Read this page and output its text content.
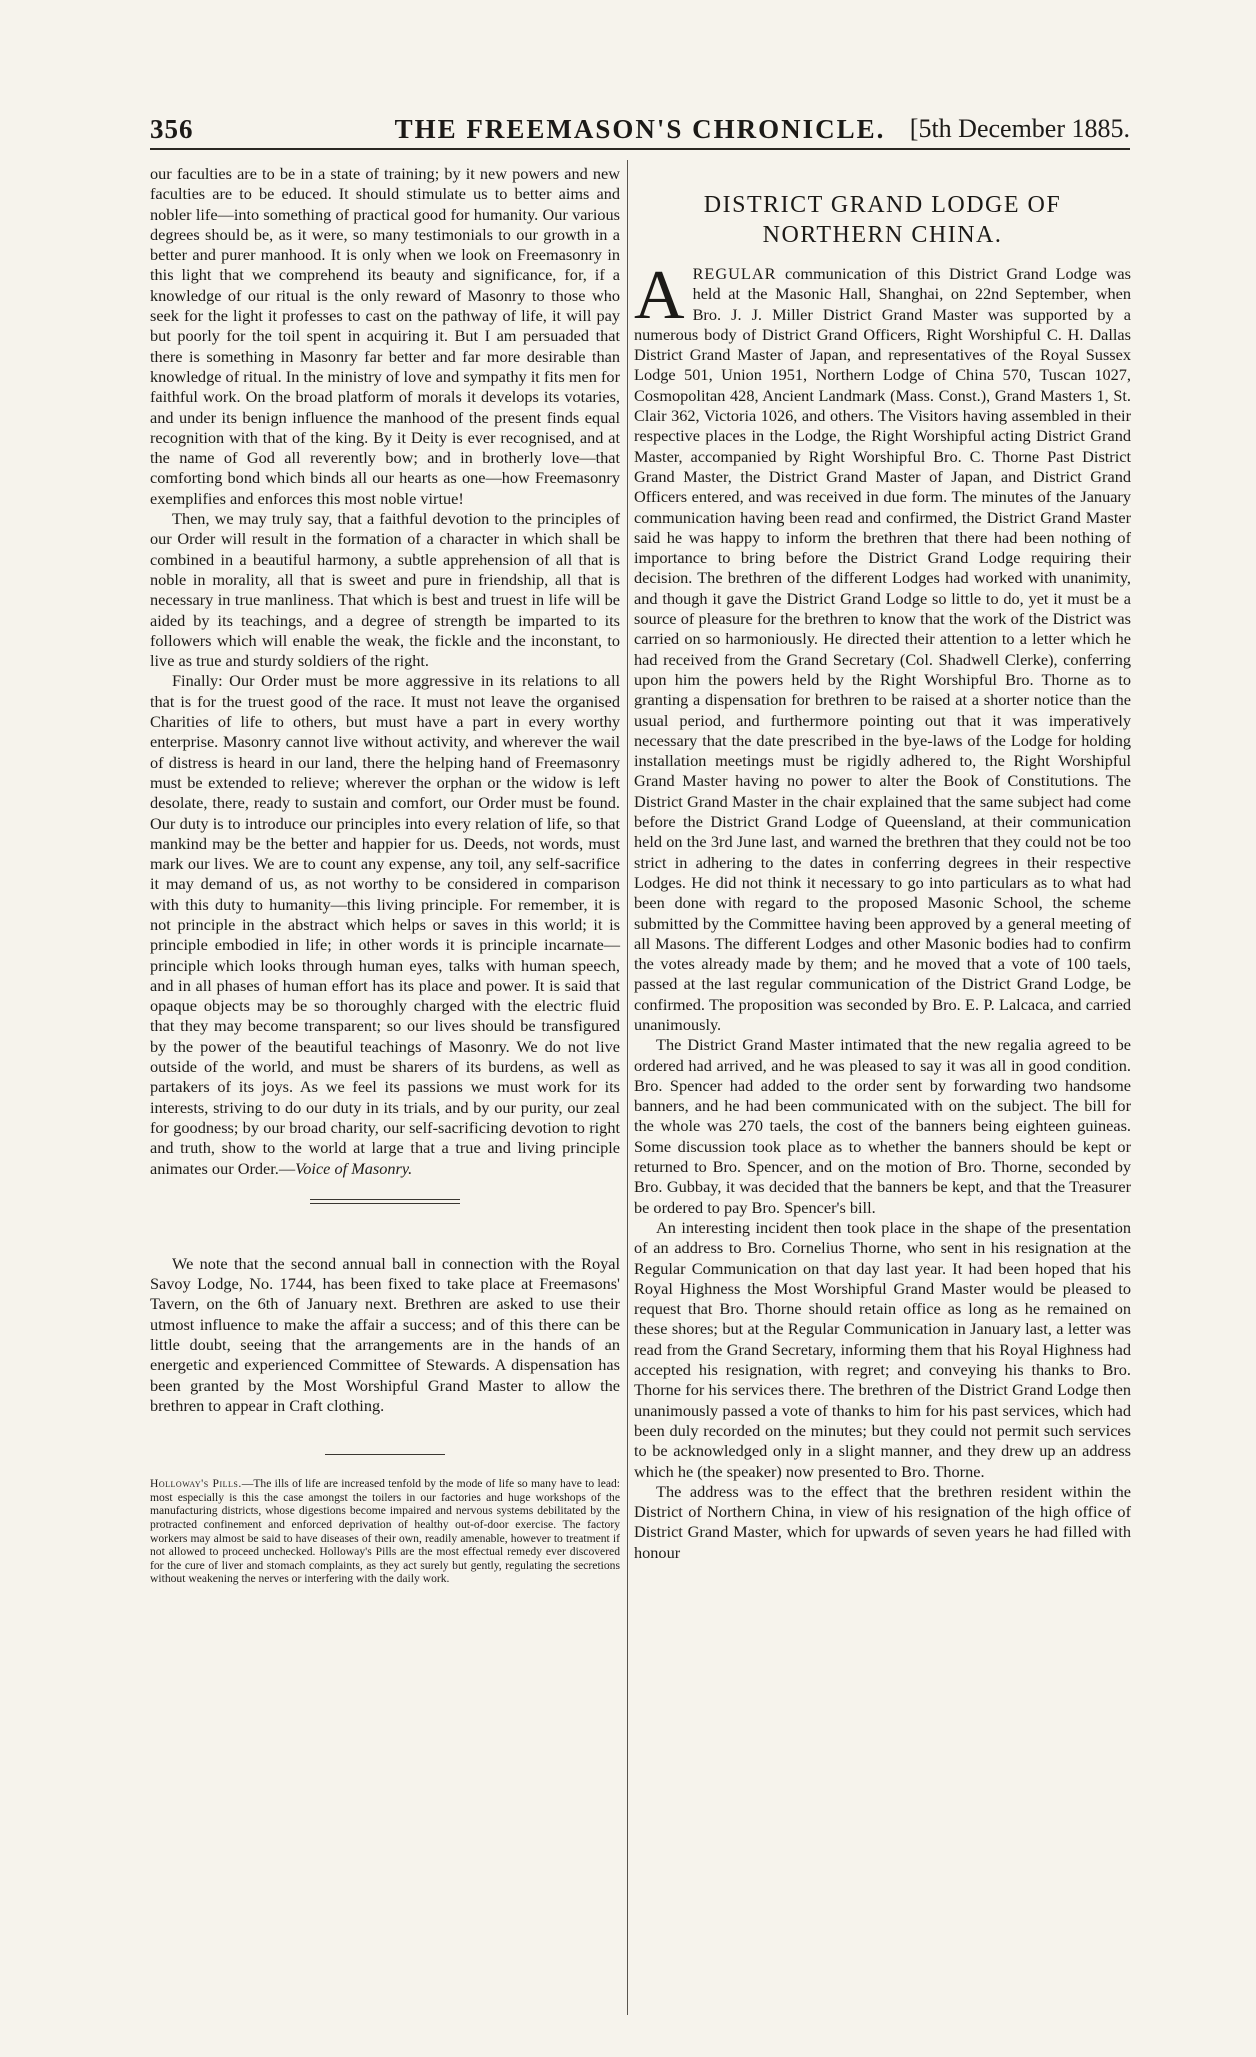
356	THE FREEMASON'S CHRONICLE. [5th December 1885.

our faculties are to be in a state of training; by it new powers and new faculties are to be educed. It should stimulate us to better aims and nobler life—into something of practical good for humanity. Our various degrees should be, as it were, so many testimonials to our growth in a better and purer manhood. It is only when we look on Freemasonry in this light that we comprehend its beauty and significance, for, if a knowledge of our ritual is the only reward of Masonry to those who seek for the light it professes to cast on the pathway of life, it will pay but poorly for the toil spent in acquiring it. But I am persuaded that there is something in Masonry far better and far more desirable than knowledge of ritual. In the ministry of love and sympathy it fits men for faithful work. On the broad platform of morals it develops its votaries, and under its benign influence the manhood of the present finds equal recognition with that of the king. By it Deity is ever recognised, and at the name of God all reverently bow; and in brotherly love—that comforting bond which binds all our hearts as one—how Freemasonry exemplifies and enforces this most noble virtue!

Then, we may truly say, that a faithful devotion to the principles of our Order will result in the formation of a character in which shall be combined in a beautiful harmony, a subtle apprehension of all that is noble in morality, all that is sweet and pure in friendship, all that is necessary in true manliness. That which is best and truest in life will be aided by its teachings, and a degree of strength be imparted to its followers which will enable the weak, the fickle and the inconstant, to live as true and sturdy soldiers of the right.

Finally: Our Order must be more aggressive in its relations to all that is for the truest good of the race. It must not leave the organised Charities of life to others, but must have a part in every worthy enterprise. Masonry cannot live without activity, and wherever the wail of distress is heard in our land, there the helping hand of Freemasonry must be extended to relieve; wherever the orphan or the widow is left desolate, there, ready to sustain and comfort, our Order must be found. Our duty is to introduce our principles into every relation of life, so that mankind may be the better and happier for us. Deeds, not words, must mark our lives. We are to count any expense, any toil, any self-sacrifice it may demand of us, as not worthy to be considered in comparison with this duty to humanity—this living principle. For remember, it is not principle in the abstract which helps or saves in this world; it is principle embodied in life; in other words it is principle incarnate—principle which looks through human eyes, talks with human speech, and in all phases of human effort has its place and power. It is said that opaque objects may be so thoroughly charged with the electric fluid that they may become transparent; so our lives should be transfigured by the power of the beautiful teachings of Masonry. We do not live outside of the world, and must be sharers of its burdens, as well as partakers of its joys. As we feel its passions we must work for its interests, striving to do our duty in its trials, and by our purity, our zeal for goodness; by our broad charity, our self-sacrificing devotion to right and truth, show to the world at large that a true and living principle animates our Order.—Voice of Masonry.

We note that the second annual ball in connection with the Royal Savoy Lodge, No. 1744, has been fixed to take place at Freemasons' Tavern, on the 6th of January next. Brethren are asked to use their utmost influence to make the affair a success; and of this there can be little doubt, seeing that the arrangements are in the hands of an energetic and experienced Committee of Stewards. A dispensation has been granted by the Most Worshipful Grand Master to allow the brethren to appear in Craft clothing.

Holloway's Pills.—The ills of life are increased tenfold by the mode of life so many have to lead: most especially is this the case amongst the toilers in our factories and huge workshops of the manufacturing districts, whose digestions become impaired and nervous systems debilitated by the protracted confinement and enforced deprivation of healthy out-of-door exercise. The factory workers may almost be said to have diseases of their own, readily amenable, however to treatment if not allowed to proceed unchecked. Holloway's Pills are the most effectual remedy ever discovered for the cure of liver and stomach complaints, as they act surely but gently, regulating the secretions without weakening the nerves or interfering with the daily work.
DISTRICT GRAND LODGE OF
NORTHERN CHINA.

AREGULAR communication of this District Grand Lodge was held at the Masonic Hall, Shanghai, on 22nd September, when Bro. J. J. Miller District Grand Master was supported by a numerous body of District Grand Officers, Right Worshipful C. H. Dallas District Grand Master of Japan, and representatives of the Royal Sussex Lodge 501, Union 1951, Northern Lodge of China 570, Tuscan 1027, Cosmopolitan 428, Ancient Landmark (Mass. Const.), Grand Masters 1, St. Clair 362, Victoria 1026, and others. The Visitors having assembled in their respective places in the Lodge, the Right Worshipful acting District Grand Master, accompanied by Right Worshipful Bro. C. Thorne Past District Grand Master, the District Grand Master of Japan, and District Grand Officers entered, and was received in due form. The minutes of the January communication having been read and confirmed, the District Grand Master said he was happy to inform the brethren that there had been nothing of importance to bring before the District Grand Lodge requiring their decision. The brethren of the different Lodges had worked with unanimity, and though it gave the District Grand Lodge so little to do, yet it must be a source of pleasure for the brethren to know that the work of the District was carried on so harmoniously. He directed their attention to a letter which he had received from the Grand Secretary (Col. Shadwell Clerke), conferring upon him the powers held by the Right Worshipful Bro. Thorne as to granting a dispensation for brethren to be raised at a shorter notice than the usual period, and furthermore pointing out that it was imperatively necessary that the date prescribed in the bye-laws of the Lodge for holding installation meetings must be rigidly adhered to, the Right Worshipful Grand Master having no power to alter the Book of Constitutions. The District Grand Master in the chair explained that the same subject had come before the District Grand Lodge of Queensland, at their communication held on the 3rd June last, and warned the brethren that they could not be too strict in adhering to the dates in conferring degrees in their respective Lodges. He did not think it necessary to go into particulars as to what had been done with regard to the proposed Masonic School, the scheme submitted by the Committee having been approved by a general meeting of all Masons. The different Lodges and other Masonic bodies had to confirm the votes already made by them; and he moved that a vote of 100 taels, passed at the last regular communication of the District Grand Lodge, be confirmed. The proposition was seconded by Bro. E. P. Lalcaca, and carried unanimously.

The District Grand Master intimated that the new regalia agreed to be ordered had arrived, and he was pleased to say it was all in good condition. Bro. Spencer had added to the order sent by forwarding two handsome banners, and he had been communicated with on the subject. The bill for the whole was 270 taels, the cost of the banners being eighteen guineas. Some discussion took place as to whether the banners should be kept or returned to Bro. Spencer, and on the motion of Bro. Thorne, seconded by Bro. Gubbay, it was decided that the banners be kept, and that the Treasurer be ordered to pay Bro. Spencer's bill.

An interesting incident then took place in the shape of the presentation of an address to Bro. Cornelius Thorne, who sent in his resignation at the Regular Communication on that day last year. It had been hoped that his Royal Highness the Most Worshipful Grand Master would be pleased to request that Bro. Thorne should retain office as long as he remained on these shores; but at the Regular Communication in January last, a letter was read from the Grand Secretary, informing them that his Royal Highness had accepted his resignation, with regret; and conveying his thanks to Bro. Thorne for his services there. The brethren of the District Grand Lodge then unanimously passed a vote of thanks to him for his past services, which had been duly recorded on the minutes; but they could not permit such services to be acknowledged only in a slight manner, and they drew up an address which he (the speaker) now presented to Bro. Thorne.

The address was to the effect that the brethren resident within the District of Northern China, in view of his resignation of the high office of District Grand Master, which for upwards of seven years he had filled with honour
